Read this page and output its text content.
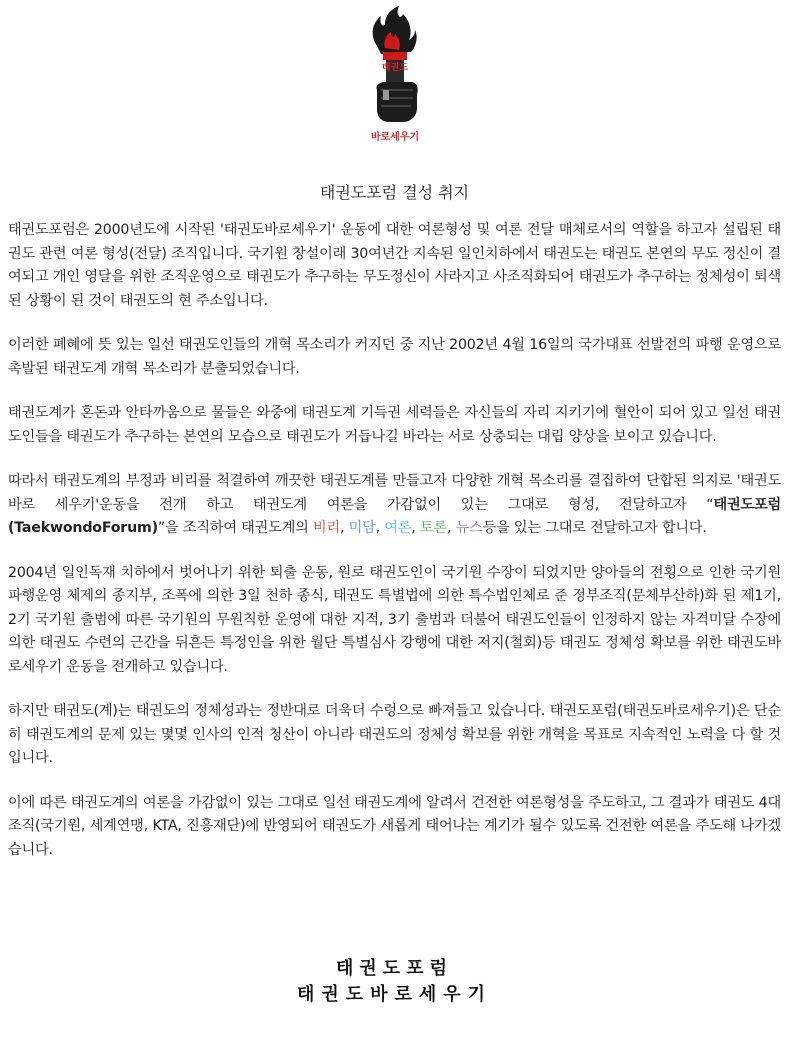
태권도
바로세우기
태권도포럼 결성 취지

태권도포럼은 2000년도에 시작된 '태권도바로세우기' 운동에 대한 여론형성 및 여론 전달 매체로서의 역할을 하고자 설립된 태권도 관련 여론 형성(전달) 조직입니다. 국기원 창설이래 30여년간 지속된 일인치하에서 태권도는 태권도 본연의 무도 정신이 결여되고 개인 영달을 위한 조직운영으로 태권도가 추구하는 무도정신이 사라지고 사조직화되어 태권도가 추구하는 정체성이 퇴색된 상황이 된 것이 태권도의 현 주소입니다.

이러한 폐혜에 뜻 있는 일선 태권도인들의 개혁 목소리가 커지던 중 지난 2002년 4월 16일의 국가대표 선발전의 파행 운영으로 촉발된 태권도계 개혁 목소리가 분출되었습니다.

태권도계가 혼돈과 안타까움으로 물들은 와중에 태권도계 기득권 세력들은 자신들의 자리 지키기에 혈안이 되어 있고 일선 태권도인들을 태권도가 추구하는 본연의 모습으로 태권도가 거듭나길 바라는 서로 상충되는 대립 양상을 보이고 있습니다.

따라서 태권도계의 부정과 비리를 척결하여 깨끗한 태권도계를 만들고자 다양한 개혁 목소리를 결집하여 단합된 의지로 '태권도 바로 세우기'운동을 전개 하고 태권도계 여론을 가감없이 있는 그대로 형성, 전달하고자 “태권도포럼(TaekwondoForum)”을 조직하여 태권도계의 비리, 미담, 여론, 토론, 뉴스등을 있는 그대로 전달하고자 합니다.

2004년 일인독재 치하에서 벗어나기 위한 퇴출 운동, 원로 태권도인이 국기원 수장이 되었지만 양아들의 전횡으로 인한 국기원 파행운영 체제의 종지부, 조폭에 의한 3일 천하 종식, 태권도 특별법에 의한 특수법인체로 준 정부조직(문체부산하)화 된 제1기, 2기 국기원 출범에 따른 국기원의 무원칙한 운영에 대한 지적, 3기 출범과 더불어 태권도인들이 인정하지 않는 자격미달 수장에 의한 태권도 수련의 근간을 뒤흔든 특정인을 위한 월단 특별심사 강행에 대한 저지(철회)등 태권도 정체성 확보를 위한 태권도바로세우기 운동을 전개하고 있습니다.

하지만 태권도(계)는 태권도의 정체성과는 정반대로 더욱더 수렁으로 빠져들고 있습니다. 태권도포럼(태권도바로세우기)은 단순히 태권도계의 문제 있는 몇몇 인사의 인적 청산이 아니라 태권도의 정체성 확보를 위한 개혁을 목표로 지속적인 노력을 다 할 것입니다.

이에 따른 태권도계의 여론을 가감없이 있는 그대로 일선 태권도계에 알려서 건전한 여론형성을 주도하고, 그 결과가 태권도 4대 조직(국기원, 세계연맹, KTA, 진흥재단)에 반영되어 태권도가 새롭게 태어나는 계기가 될수 있도록 건전한 여론을 주도해 나가겠습니다.

태권도포럼
태권도바로세우기
